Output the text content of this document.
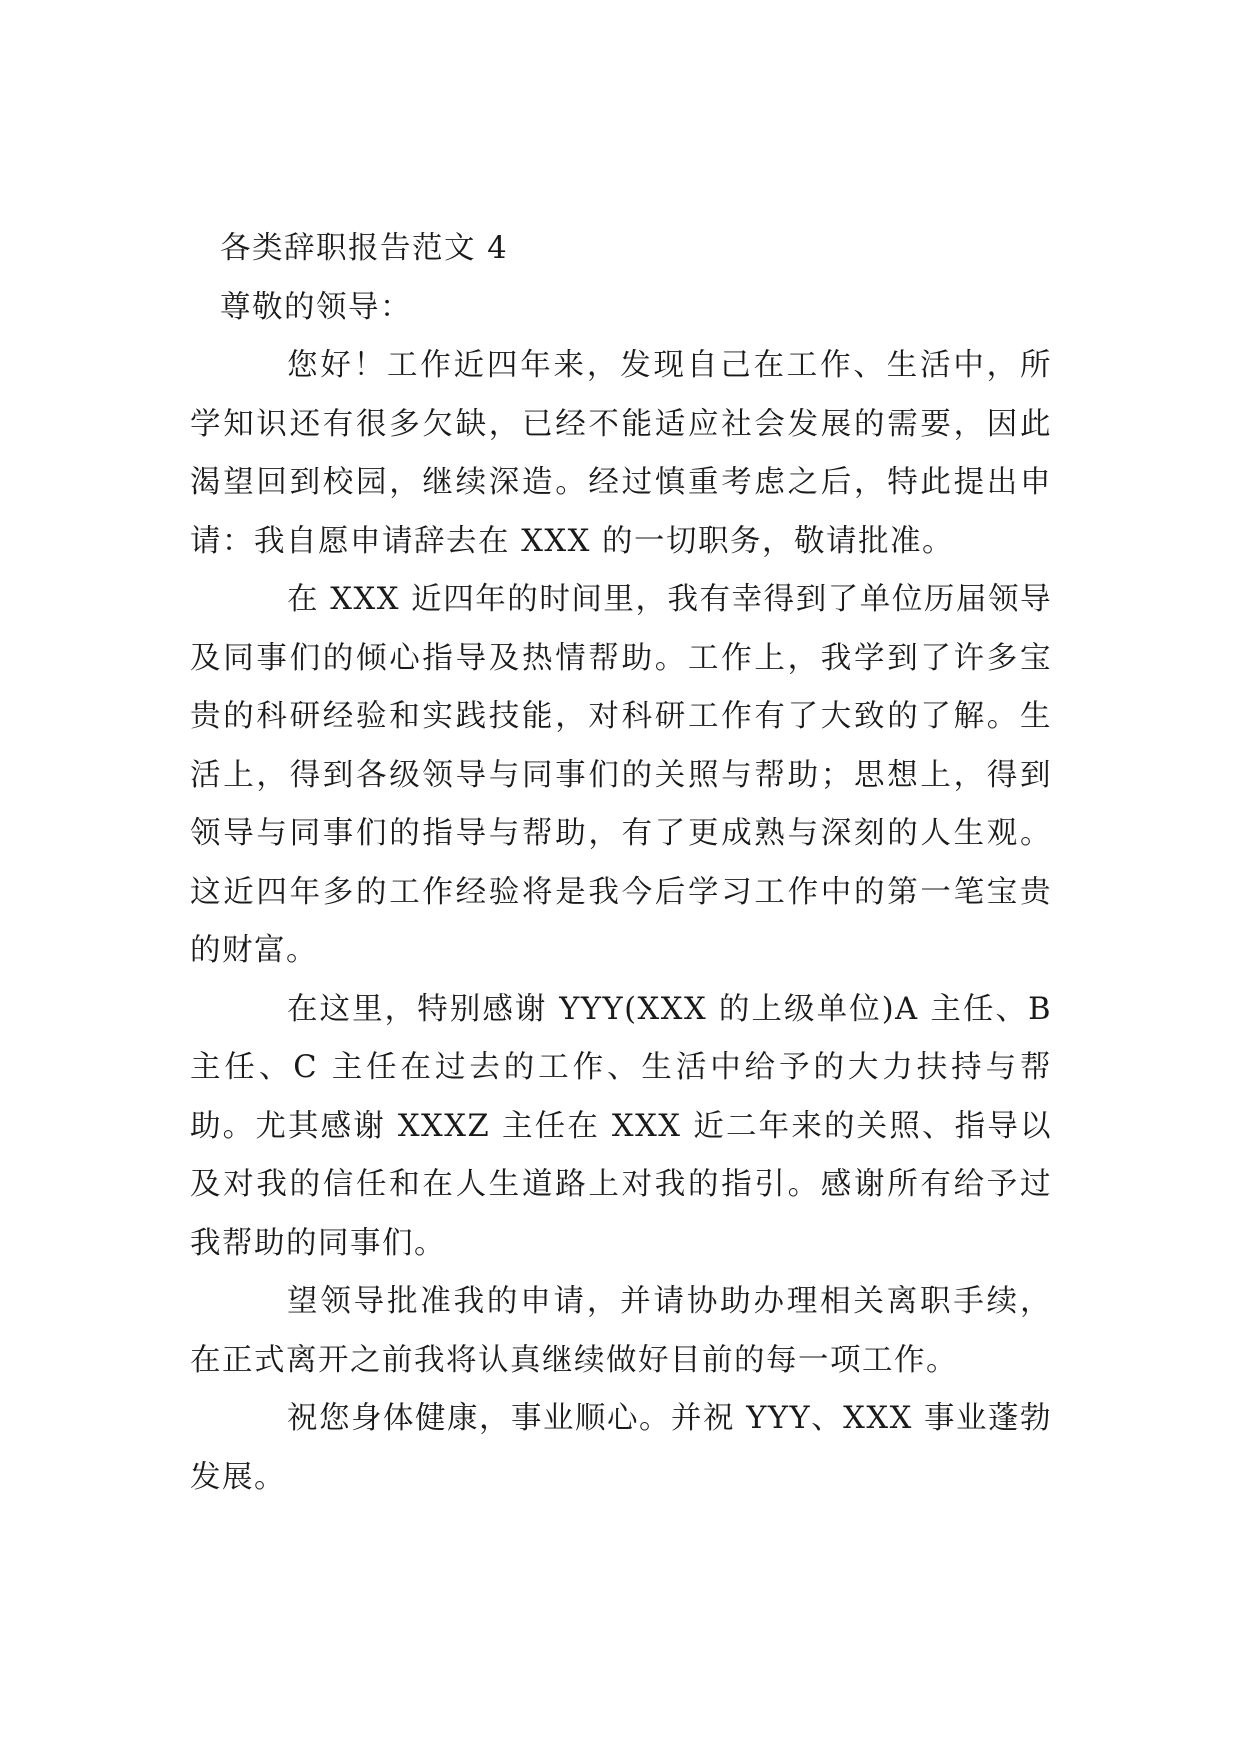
各类辞职报告范文 4

尊敬的领导：

您好！工作近四年来，发现自己在工作、生活中，所学知识还有很多欠缺，已经不能适应社会发展的需要，因此渴望回到校园，继续深造。经过慎重考虑之后，特此提出申请：我自愿申请辞去在 XXX 的一切职务，敬请批准。

在 XXX 近四年的时间里，我有幸得到了单位历届领导及同事们的倾心指导及热情帮助。工作上，我学到了许多宝贵的科研经验和实践技能，对科研工作有了大致的了解。生活上，得到各级领导与同事们的关照与帮助；思想上，得到领导与同事们的指导与帮助，有了更成熟与深刻的人生观。这近四年多的工作经验将是我今后学习工作中的第一笔宝贵的财富。

在这里，特别感谢 YYY(XXX 的上级单位)A 主任、B 主任、C 主任在过去的工作、生活中给予的大力扶持与帮助。尤其感谢 XXXZ 主任在 XXX 近二年来的关照、指导以及对我的信任和在人生道路上对我的指引。感谢所有给予过我帮助的同事们。

望领导批准我的申请，并请协助办理相关离职手续，在正式离开之前我将认真继续做好目前的每一项工作。

祝您身体健康，事业顺心。并祝 YYY、XXX 事业蓬勃发展。
